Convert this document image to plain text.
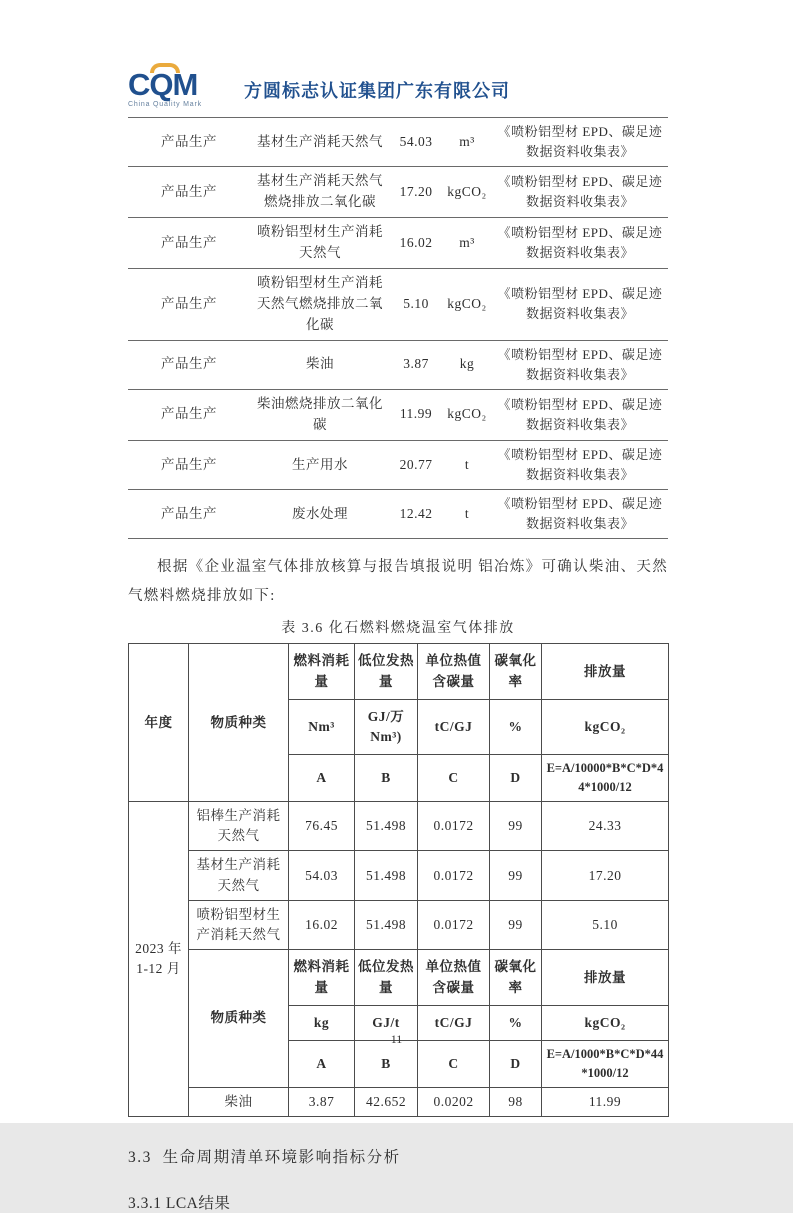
CQM
China Quality Mark
方圆标志认证集团广东有限公司
产品生产	基材生产消耗天然气	54.03	m³	《喷粉铝型材 EPD、碳足迹数据资料收集表》
产品生产	基材生产消耗天然气燃烧排放二氧化碳	17.20	kgCO₂	《喷粉铝型材 EPD、碳足迹数据资料收集表》
产品生产	喷粉铝型材生产消耗天然气	16.02	m³	《喷粉铝型材 EPD、碳足迹数据资料收集表》
产品生产	喷粉铝型材生产消耗天然气燃烧排放二氧化碳	5.10	kgCO₂	《喷粉铝型材 EPD、碳足迹数据资料收集表》
产品生产	柴油	3.87	kg	《喷粉铝型材 EPD、碳足迹数据资料收集表》
产品生产	柴油燃烧排放二氧化碳	11.99	kgCO₂	《喷粉铝型材 EPD、碳足迹数据资料收集表》
产品生产	生产用水	20.77	t	《喷粉铝型材 EPD、碳足迹数据资料收集表》
产品生产	废水处理	12.42	t	《喷粉铝型材 EPD、碳足迹数据资料收集表》

根据《企业温室气体排放核算与报告填报说明 铝冶炼》可确认柴油、天然气燃料燃烧排放如下:

表 3.6 化石燃料燃烧温室气体排放
年度	物质种类	燃料消耗量	低位发热量	单位热值含碳量	碳氧化率	排放量
		Nm³	GJ/万Nm³)	tC/GJ	%	kgCO₂
		A	B	C	D	E=A/10000*B*C*D*44*1000/12
2023 年 1-12 月	铝棒生产消耗天然气	76.45	51.498	0.0172	99	24.33
	基材生产消耗天然气	54.03	51.498	0.0172	99	17.20
	喷粉铝型材生产消耗天然气	16.02	51.498	0.0172	99	5.10
	物质种类	燃料消耗量	低位发热量	单位热值含碳量	碳氧化率	排放量
		kg	GJ/t	tC/GJ	%	kgCO₂
		A	B	C	D	E=A/1000*B*C*D*44*1000/12
	柴油	3.87	42.652	0.0202	98	11.99
3.3  生命周期清单环境影响指标分析
3.3.1 LCA结果
11
